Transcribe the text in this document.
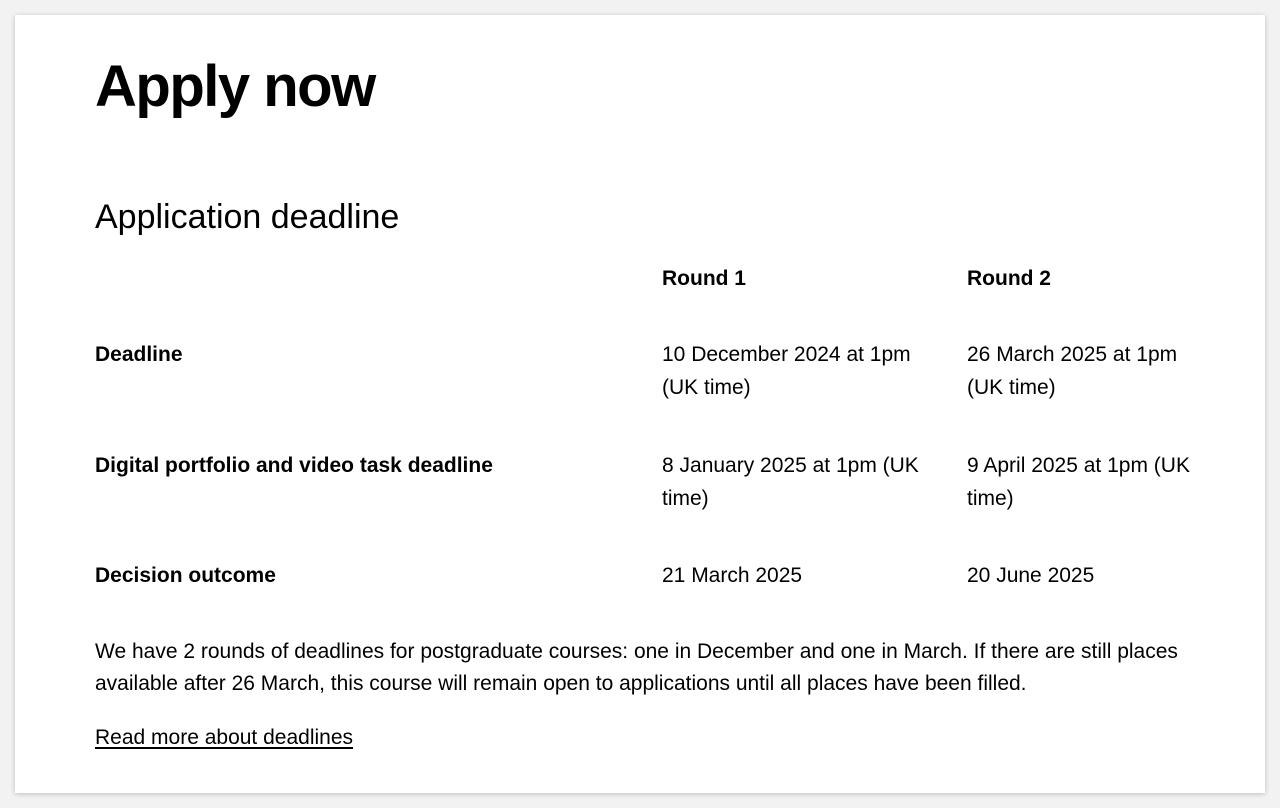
Apply now
Application deadline
	Round 1	Round 2
Deadline	10 December 2024 at 1pm (UK time)	26 March 2025 at 1pm (UK time)
Digital portfolio and video task deadline	8 January 2025 at 1pm (UK time)	9 April 2025 at 1pm (UK time)
Decision outcome	21 March 2025	20 June 2025

We have 2 rounds of deadlines for postgraduate courses: one in December and one in March. If there are still places available after 26 March, this course will remain open to applications until all places have been filled.

Read more about deadlines
